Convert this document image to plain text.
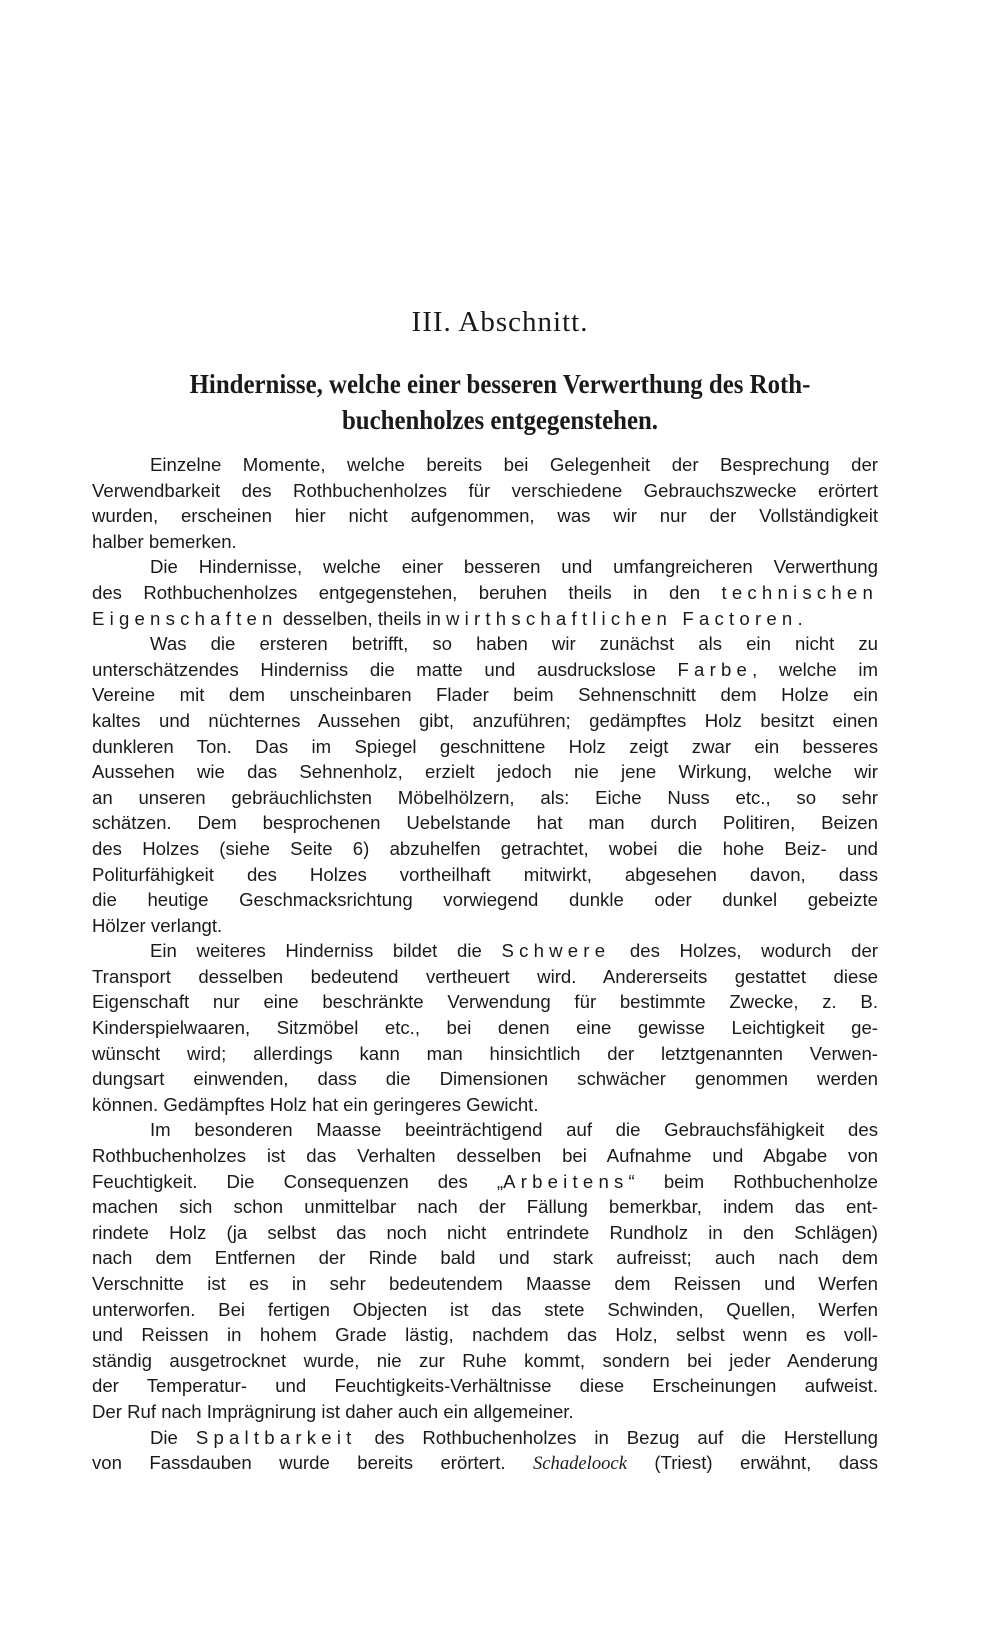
III. Abschnitt.
Hindernisse, welche einer besseren Verwerthung des Roth-
buchenholzes entgegenstehen.
Einzelne Momente, welche bereits bei Gelegenheit der Besprechung der
Verwendbarkeit des Rothbuchenholzes für verschiedene Gebrauchszwecke erörtert
wurden, erscheinen hier nicht aufgenommen, was wir nur der Vollständigkeit
halber bemerken.
Die Hindernisse, welche einer besseren und umfangreicheren Verwerthung
des Rothbuchenholzes entgegenstehen, beruhen theils in den technischen
Eigenschaften desselben, theils in wirthschaftlichen Factoren.
Was die ersteren betrifft, so haben wir zunächst als ein nicht zu
unterschätzendes Hinderniss die matte und ausdruckslose Farbe, welche im
Vereine mit dem unscheinbaren Flader beim Sehnenschnitt dem Holze ein
kaltes und nüchternes Aussehen gibt, anzuführen; gedämpftes Holz besitzt einen
dunkleren Ton. Das im Spiegel geschnittene Holz zeigt zwar ein besseres
Aussehen wie das Sehnenholz, erzielt jedoch nie jene Wirkung, welche wir
an unseren gebräuchlichsten Möbelhölzern, als: Eiche Nuss etc., so sehr
schätzen. Dem besprochenen Uebelstande hat man durch Politiren, Beizen
des Holzes (siehe Seite 6) abzuhelfen getrachtet, wobei die hohe Beiz- und
Politurfähigkeit des Holzes vortheilhaft mitwirkt, abgesehen davon, dass
die heutige Geschmacksrichtung vorwiegend dunkle oder dunkel gebeizte
Hölzer verlangt.
Ein weiteres Hinderniss bildet die Schwere des Holzes, wodurch der
Transport desselben bedeutend vertheuert wird. Andererseits gestattet diese
Eigenschaft nur eine beschränkte Verwendung für bestimmte Zwecke, z. B.
Kinderspielwaaren, Sitzmöbel etc., bei denen eine gewisse Leichtigkeit ge-
wünscht wird; allerdings kann man hinsichtlich der letztgenannten Verwen-
dungsart einwenden, dass die Dimensionen schwächer genommen werden
können. Gedämpftes Holz hat ein geringeres Gewicht.
Im besonderen Maasse beeinträchtigend auf die Gebrauchsfähigkeit des
Rothbuchenholzes ist das Verhalten desselben bei Aufnahme und Abgabe von
Feuchtigkeit. Die Consequenzen des „Arbeitens“ beim Rothbuchenholze
machen sich schon unmittelbar nach der Fällung bemerkbar, indem das ent-
rindete Holz (ja selbst das noch nicht entrindete Rundholz in den Schlägen)
nach dem Entfernen der Rinde bald und stark aufreisst; auch nach dem
Verschnitte ist es in sehr bedeutendem Maasse dem Reissen und Werfen
unterworfen. Bei fertigen Objecten ist das stete Schwinden, Quellen, Werfen
und Reissen in hohem Grade lästig, nachdem das Holz, selbst wenn es voll-
ständig ausgetrocknet wurde, nie zur Ruhe kommt, sondern bei jeder Aenderung
der Temperatur- und Feuchtigkeits-Verhältnisse diese Erscheinungen aufweist.
Der Ruf nach Imprägnirung ist daher auch ein allgemeiner.
Die Spaltbarkeit des Rothbuchenholzes in Bezug auf die Herstellung
von Fassdauben wurde bereits erörtert. Schadeloock (Triest) erwähnt, dass
